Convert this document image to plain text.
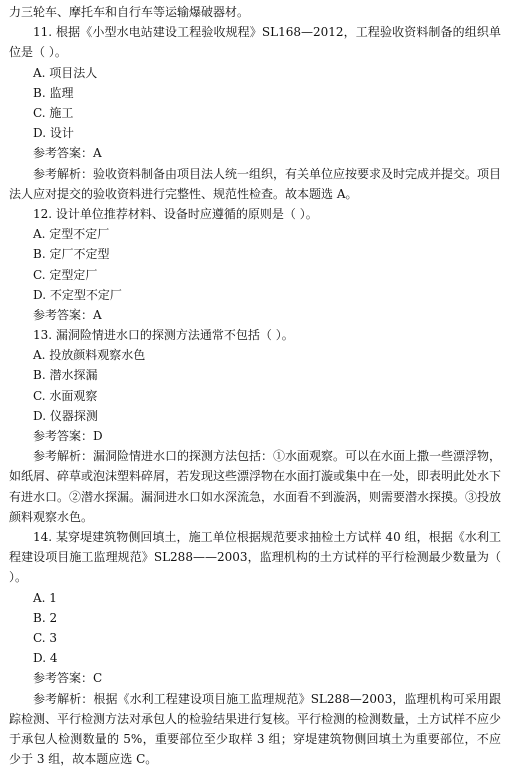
力三轮车、摩托车和自行车等运输爆破器材。
11. 根据《小型水电站建设工程验收规程》SL168—2012，工程验收资料制备的组织单位是（ ）。
A. 项目法人
B. 监理
C. 施工
D. 设计
参考答案：A
参考解析：验收资料制备由项目法人统一组织，有关单位应按要求及时完成并提交。项目法人应对提交的验收资料进行完整性、规范性检查。故本题选 A。
12. 设计单位推荐材料、设备时应遵循的原则是（ ）。
A. 定型不定厂
B. 定厂不定型
C. 定型定厂
D. 不定型不定厂
参考答案：A
13. 漏洞险情进水口的探测方法通常不包括（ ）。
A. 投放颜料观察水色
B. 潜水探漏
C. 水面观察
D. 仪器探测
参考答案：D
参考解析：漏洞险情进水口的探测方法包括：①水面观察。可以在水面上撒一些漂浮物，如纸屑、碎草或泡沫塑料碎屑，若发现这些漂浮物在水面打漩或集中在一处，即表明此处水下有进水口。②潜水探漏。漏洞进水口如水深流急，水面看不到漩涡，则需要潜水探摸。③投放颜料观察水色。
14. 某穿堤建筑物侧回填土，施工单位根据规范要求抽检土方试样 40 组，根据《水利工程建设项目施工监理规范》SL288——2003，监理机构的土方试样的平行检测最少数量为（ ）。
A. 1
B. 2
C. 3
D. 4
参考答案：C
参考解析：根据《水利工程建设项目施工监理规范》SL288—2003，监理机构可采用跟踪检测、平行检测方法对承包人的检验结果进行复核。平行检测的检测数量，土方试样不应少于承包人检测数量的 5%，重要部位至少取样 3 组；穿堤建筑物侧回填土为重要部位，不应少于 3 组，故本题应选 C。
